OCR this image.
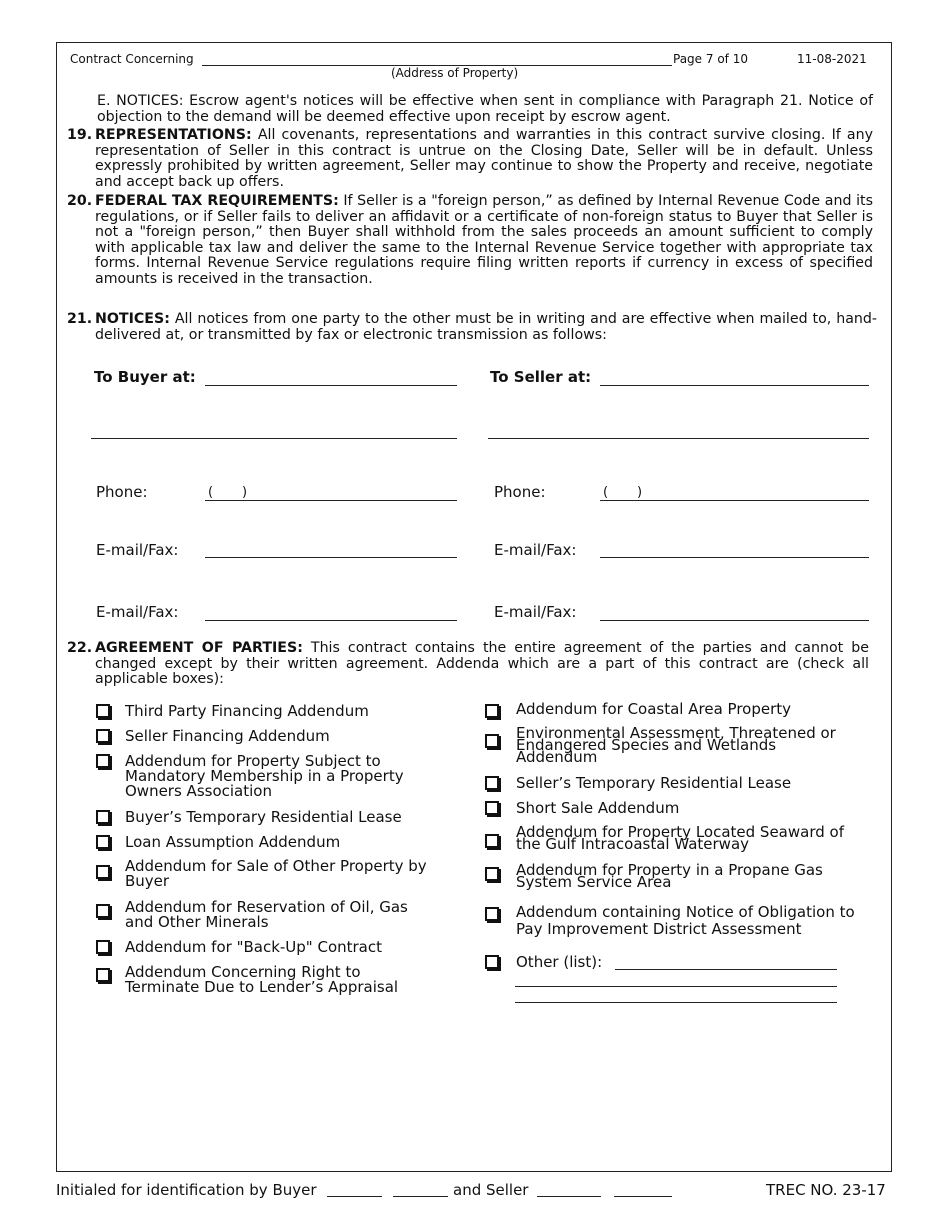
Contract Concerning
(Address of Property)
Page 7 of 10	11-08-2021
E. NOTICES: Escrow agent's notices will be effective when sent in compliance with Paragraph 21. Notice of objection to the demand will be deemed effective upon receipt by escrow agent.
19. REPRESENTATIONS: All covenants, representations and warranties in this contract survive closing. If any representation of Seller in this contract is untrue on the Closing Date, Seller will be in default. Unless expressly prohibited by written agreement, Seller may continue to show the Property and receive, negotiate and accept back up offers.
20. FEDERAL TAX REQUIREMENTS: If Seller is a "foreign person,” as defined by Internal Revenue Code and its regulations, or if Seller fails to deliver an affidavit or a certificate of non-foreign status to Buyer that Seller is not a "foreign person,” then Buyer shall withhold from the sales proceeds an amount sufficient to comply with applicable tax law and deliver the same to the Internal Revenue Service together with appropriate tax forms. Internal Revenue Service regulations require filing written reports if currency in excess of specified amounts is received in the transaction.
21. NOTICES: All notices from one party to the other must be in writing and are effective when mailed to, hand-delivered at, or transmitted by fax or electronic transmission as follows:
To Buyer at:	To Seller at:
Phone:	(       )	Phone:	(       )
E-mail/Fax:	E-mail/Fax:
E-mail/Fax:	E-mail/Fax:
22. AGREEMENT OF PARTIES: This contract contains the entire agreement of the parties and cannot be changed except by their written agreement. Addenda which are a part of this contract are (check all applicable boxes):
Third Party Financing Addendum
Seller Financing Addendum
Addendum for Property Subject to Mandatory Membership in a Property Owners Association
Buyer’s Temporary Residential Lease
Loan Assumption Addendum
Addendum for Sale of Other Property by Buyer
Addendum for Reservation of Oil, Gas and Other Minerals
Addendum for "Back-Up" Contract
Addendum Concerning Right to Terminate Due to Lender’s Appraisal
Addendum for Coastal Area Property
Environmental Assessment, Threatened or Endangered Species and Wetlands Addendum
Seller’s Temporary Residential Lease
Short Sale Addendum
Addendum for Property Located Seaward of the Gulf Intracoastal Waterway
Addendum for Property in a Propane Gas System Service Area
Addendum containing Notice of Obligation to Pay Improvement District Assessment
Other (list):
Initialed for identification by Buyer	and Seller	TREC NO. 23-17
